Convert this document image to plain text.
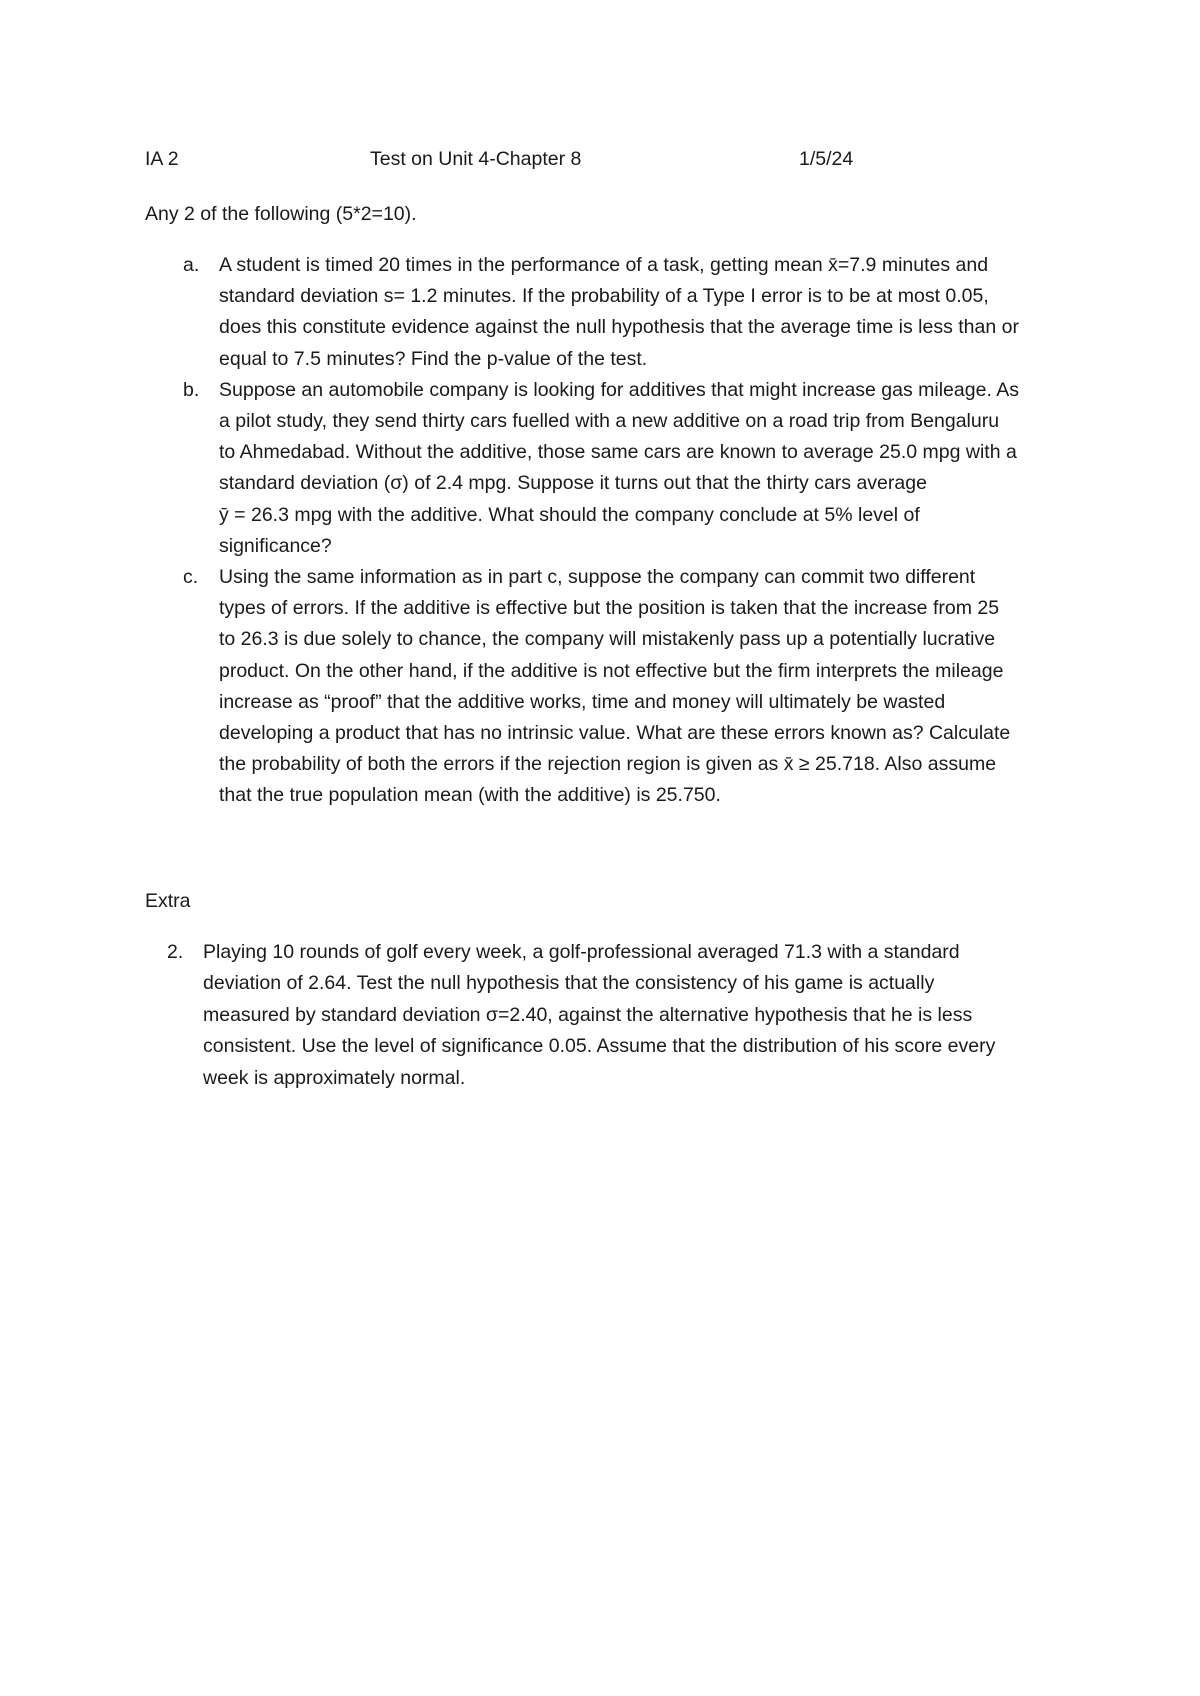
IA 2	Test on Unit 4-Chapter 8	1/5/24
Any 2 of the following (5*2=10).
a. A student is timed 20 times in the performance of a task, getting mean x̄=7.9 minutes and
standard deviation s= 1.2 minutes. If the probability of a Type I error is to be at most 0.05,
does this constitute evidence against the null hypothesis that the average time is less than or
equal to 7.5 minutes? Find the p-value of the test.
b. Suppose an automobile company is looking for additives that might increase gas mileage. As
a pilot study, they send thirty cars fuelled with a new additive on a road trip from Bengaluru
to Ahmedabad. Without the additive, those same cars are known to average 25.0 mpg with a
standard deviation (σ) of 2.4 mpg. Suppose it turns out that the thirty cars average
ȳ = 26.3 mpg with the additive. What should the company conclude at 5% level of
significance?
c. Using the same information as in part c, suppose the company can commit two different
types of errors. If the additive is effective but the position is taken that the increase from 25
to 26.3 is due solely to chance, the company will mistakenly pass up a potentially lucrative
product. On the other hand, if the additive is not effective but the firm interprets the mileage
increase as “proof” that the additive works, time and money will ultimately be wasted
developing a product that has no intrinsic value. What are these errors known as? Calculate
the probability of both the errors if the rejection region is given as x̄ ≥ 25.718. Also assume
that the true population mean (with the additive) is 25.750.
Extra
2. Playing 10 rounds of golf every week, a golf-professional averaged 71.3 with a standard
deviation of 2.64. Test the null hypothesis that the consistency of his game is actually
measured by standard deviation σ=2.40, against the alternative hypothesis that he is less
consistent. Use the level of significance 0.05. Assume that the distribution of his score every
week is approximately normal.
